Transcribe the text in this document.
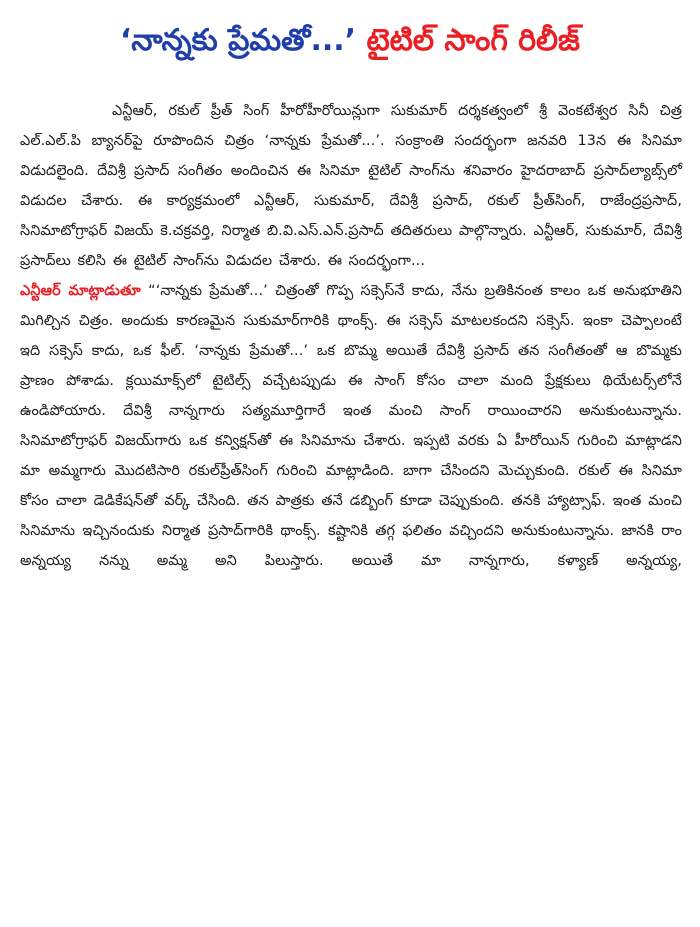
‘నాన్నకు ప్రేమతో...’ టైటిల్ సాంగ్ రిలీజ్

ఎన్టీఆర్, రకుల్ ప్రీత్ సింగ్ హీరోహీరోయిన్లుగా సుకుమార్ దర్శకత్వంలో శ్రీ వెంకటేశ్వర సినీ చిత్ర ఎల్.ఎల్.పి బ్యానర్‌పై రూపొందిన చిత్రం ‘నాన్నకు ప్రేమతో...’. సంక్రాంతి సందర్భంగా జనవరి 13న ఈ సినిమా విడుదలైంది. దేవిశ్రీ ప్రసాద్ సంగీతం అందించిన ఈ సినిమా టైటిల్ సాంగ్‌ను శనివారం హైదరాబాద్ ప్రసాద్‌ల్యాబ్స్‌లో విడుదల చేశారు. ఈ కార్యక్రమంలో ఎన్టీఆర్, సుకుమార్, దేవిశ్రీ ప్రసాద్, రకుల్ ప్రీత్‌సింగ్, రాజేంద్రప్రసాద్, సినిమాటోగ్రాఫర్ విజయ్ కె.చక్రవర్తి, నిర్మాత బి.వి.ఎస్.ఎన్.ప్రసాద్ తదితరులు పాల్గొన్నారు. ఎన్టీఆర్, సుకుమార్, దేవిశ్రీ ప్రసాద్‌లు కలిసి ఈ టైటిల్ సాంగ్‌ను విడుదల చేశారు. ఈ సందర్భంగా...

ఎన్టీఆర్ మాట్లాడుతూ “‘నాన్నకు ప్రేమతో...’ చిత్రంతో గొప్ప సక్సెస్‌నే కాదు, నేను బ్రతికినంత కాలం ఒక అనుభూతిని మిగిల్చిన చిత్రం. అందుకు కారణమైన సుకుమార్‌గారికి థాంక్స్. ఈ సక్సెస్ మాటలకందని సక్సెస్. ఇంకా చెప్పాలంటే ఇది సక్సెస్ కాదు, ఒక ఫీల్. ‘నాన్నకు ప్రేమతో...’ ఒక బొమ్మ అయితే దేవిశ్రీ ప్రసాద్ తన సంగీతంతో ఆ బొమ్మకు ప్రాణం పోశాడు. క్లయిమాక్స్‌లో టైటిల్స్ వచ్చేటప్పుడు ఈ సాంగ్ కోసం చాలా మంది ప్రేక్షకులు థియేటర్స్‌లోనే ఉండిపోయారు. దేవిశ్రీ నాన్నగారు సత్యమూర్తిగారే ఇంత మంచి సాంగ్ రాయించారని అనుకుంటున్నాను. సినిమాటోగ్రాఫర్ విజయ్‌గారు ఒక కన్విక్షన్‌తో ఈ సినిమాను చేశారు. ఇప్పటి వరకు ఏ హీరోయిన్ గురించి మాట్లాడని మా అమ్మగారు మొదటిసారి రకుల్‌ప్రీత్‌సింగ్ గురించి మాట్లాడింది. బాగా చేసిందని మెచ్చుకుంది. రకుల్ ఈ సినిమా కోసం చాలా డెడికేషన్‌తో వర్క్ చేసింది. తన పాత్రకు తనే డబ్బింగ్ కూడా చెప్పుకుంది. తనకి హ్యాట్సాఫ్. ఇంత మంచి సినిమాను ఇచ్చినందుకు నిర్మాత ప్రసాద్‌గారికి థాంక్స్. కష్టానికి తగ్గ ఫలితం వచ్చిందని అనుకుంటున్నాను. జానకి రాం అన్నయ్య నన్ను అమ్మ అని పిలుస్తారు. అయితే మా నాన్నగారు, కళ్యాణ్ అన్నయ్య,
